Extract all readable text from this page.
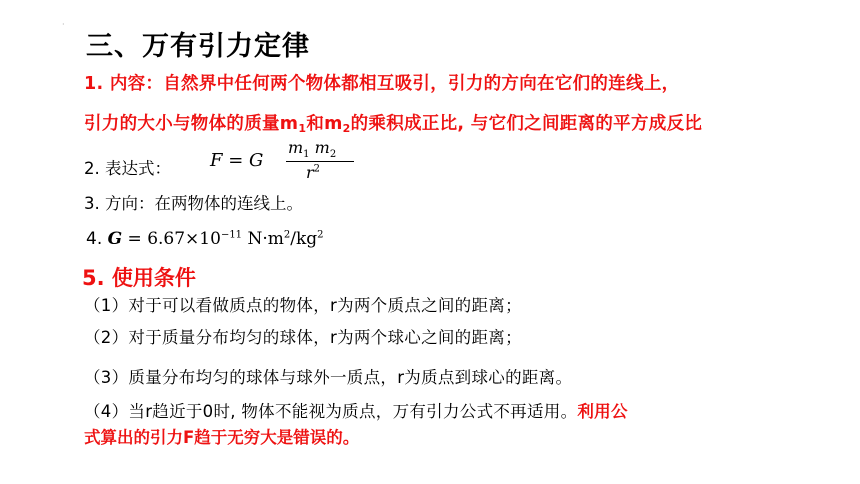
·
三、万有引力定律
1. 内容：自然界中任何两个物体都相互吸引，引力的方向在它们的连线上，
引力的大小与物体的质量$m_1$和$m_2$的乘积成正比, 与它们之间距离的平方成反比
2. 表达式： F = G
$m_1$ $m_2$
$r^2$
3. 方向：在两物体的连线上。
4. $G = 6.67\times 10^{-11}$ $N\cdot m^2/kg^2$
5. 使用条件
（1）对于可以看做质点的物体，r为两个质点之间的距离；
（2）对于质量分布均匀的球体，r为两个球心之间的距离；
（3）质量分布均匀的球体与球外一质点，r为质点到球心的距离。
（4）当r趋近于0时, 物体不能视为质点，万有引力公式不再适用。利用公
式算出的引力F趋于无穷大是错误的。
